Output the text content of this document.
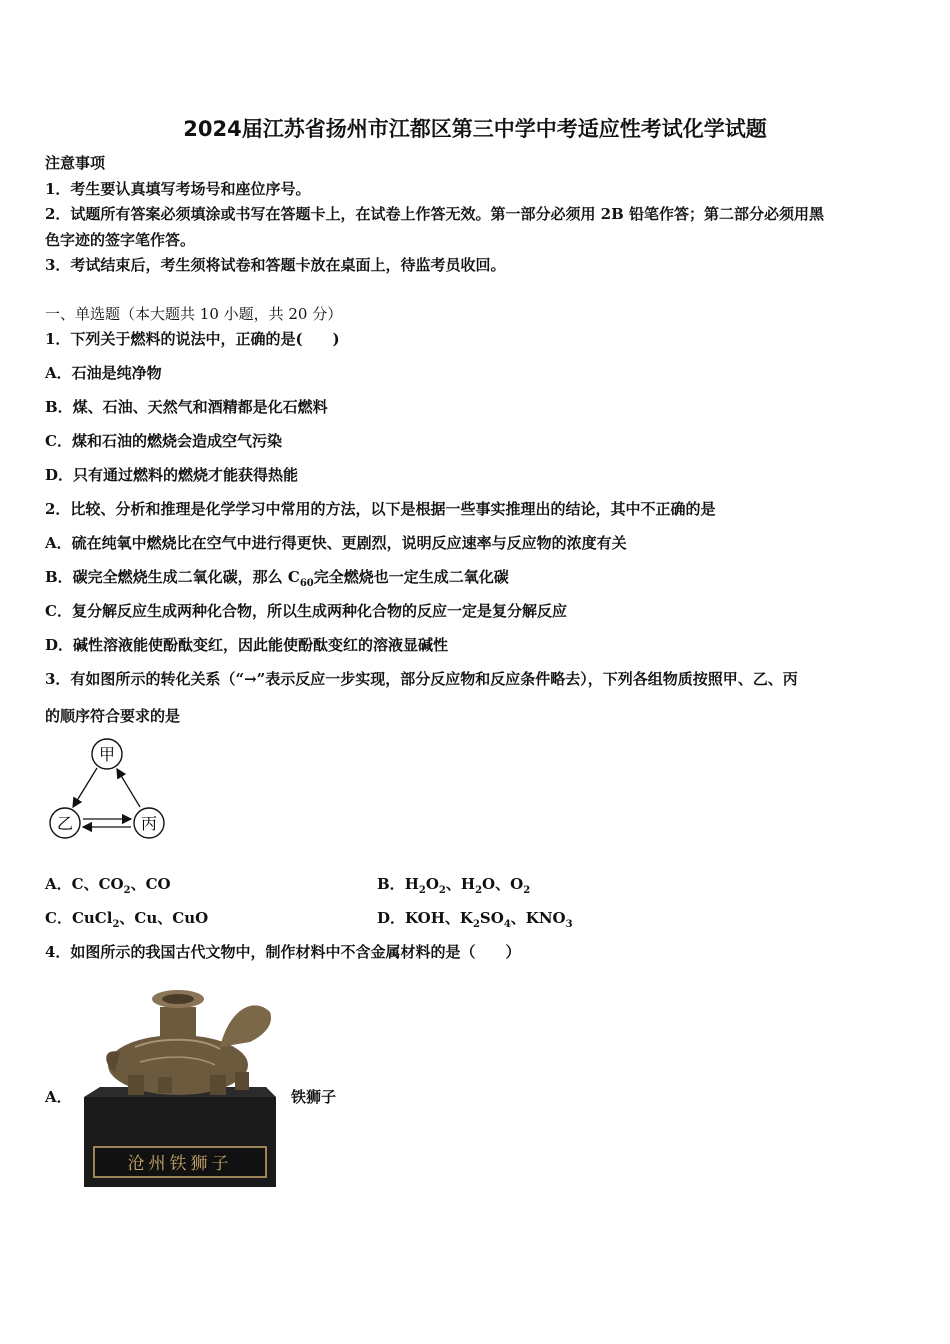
2024届江苏省扬州市江都区第三中学中考适应性考试化学试题
注意事项
1．考生要认真填写考场号和座位序号。
2．试题所有答案必须填涂或书写在答题卡上，在试卷上作答无效。第一部分必须用 2B 铅笔作答；第二部分必须用黑
色字迹的签字笔作答。
3．考试结束后，考生须将试卷和答题卡放在桌面上，待监考员收回。
一、单选题（本大题共 10 小题，共 20 分）
1．下列关于燃料的说法中，正确的是(　　)
A．石油是纯净物
B．煤、石油、天然气和酒精都是化石燃料
C．煤和石油的燃烧会造成空气污染
D．只有通过燃料的燃烧才能获得热能
2．比较、分析和推理是化学学习中常用的方法，以下是根据一些事实推理出的结论，其中不正确的是
A．硫在纯氧中燃烧比在空气中进行得更快、更剧烈，说明反应速率与反应物的浓度有关
B．碳完全燃烧生成二氧化碳，那么 $C_{60}$完全燃烧也一定生成二氧化碳
C．复分解反应生成两种化合物，所以生成两种化合物的反应一定是复分解反应
D．碱性溶液能使酚酞变红，因此能使酚酞变红的溶液显碱性
3．有如图所示的转化关系（“→”表示反应一步实现，部分反应物和反应条件略去），下列各组物质按照甲、乙、丙
的顺序符合要求的是
甲
乙	丙
A．C、$CO_2$、CO	B．$H_2O_2$、$H_2O$、$O_2$
C．CuCl$_2$、Cu、CuO	D．KOH、$K_2SO_4$、$KNO_3$
4．如图所示的我国古代文物中，制作材料中不含金属材料的是（　　）
沧州铁狮子
A．	铁狮子
